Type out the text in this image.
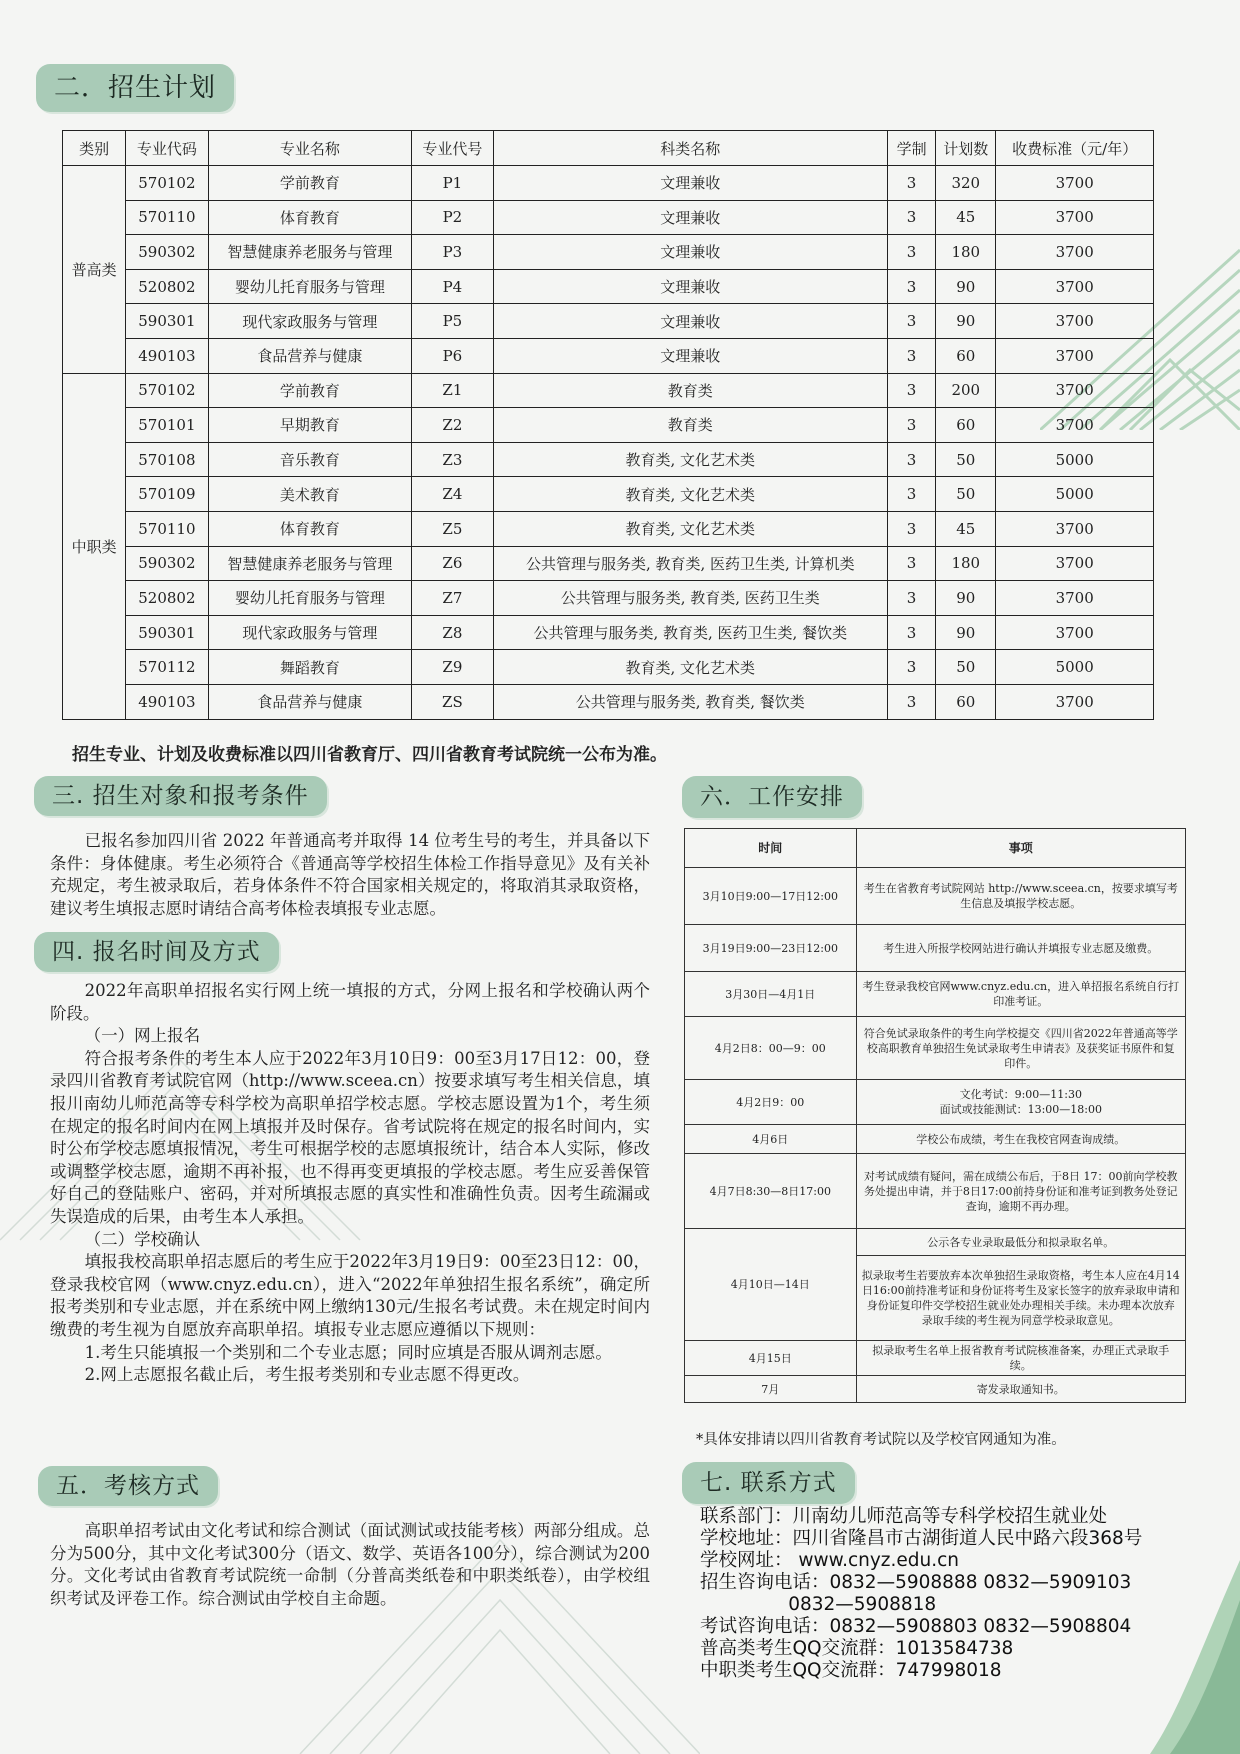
二．招生计划
类别	专业代码	专业名称	专业代号	科类名称	学制	计划数	收费标准（元/年）
普高类	570102	学前教育	P1	文理兼收	3	320	3700
	570110	体育教育	P2	文理兼收	3	45	3700
	590302	智慧健康养老服务与管理	P3	文理兼收	3	180	3700
	520802	婴幼儿托育服务与管理	P4	文理兼收	3	90	3700
	590301	现代家政服务与管理	P5	文理兼收	3	90	3700
	490103	食品营养与健康	P6	文理兼收	3	60	3700
中职类	570102	学前教育	Z1	教育类	3	200	3700
	570101	早期教育	Z2	教育类	3	60	3700
	570108	音乐教育	Z3	教育类, 文化艺术类	3	50	5000
	570109	美术教育	Z4	教育类, 文化艺术类	3	50	5000
	570110	体育教育	Z5	教育类, 文化艺术类	3	45	3700
	590302	智慧健康养老服务与管理	Z6	公共管理与服务类, 教育类, 医药卫生类, 计算机类	3	180	3700
	520802	婴幼儿托育服务与管理	Z7	公共管理与服务类, 教育类, 医药卫生类	3	90	3700
	590301	现代家政服务与管理	Z8	公共管理与服务类, 教育类, 医药卫生类, 餐饮类	3	90	3700
	570112	舞蹈教育	Z9	教育类, 文化艺术类	3	50	5000
	490103	食品营养与健康	ZS	公共管理与服务类, 教育类, 餐饮类	3	60	3700
招生专业、计划及收费标准以四川省教育厅、四川省教育考试院统一公布为准。
三. 招生对象和报考条件

已报名参加四川省 2022 年普通高考并取得 14 位考生号的考生，并具备以下条件：身体健康。考生必须符合《普通高等学校招生体检工作指导意见》及有关补充规定，考生被录取后，若身体条件不符合国家相关规定的，将取消其录取资格，建议考生填报志愿时请结合高考体检表填报专业志愿。

四. 报名时间及方式

2022年高职单招报名实行网上统一填报的方式，分网上报名和学校确认两个阶段。

（一）网上报名

符合报考条件的考生本人应于2022年3月10日9：00至3月17日12：00，登录四川省教育考试院官网（http://www.sceea.cn）按要求填写考生相关信息，填报川南幼儿师范高等专科学校为高职单招学校志愿。学校志愿设置为1个，考生须在规定的报名时间内在网上填报并及时保存。省考试院将在规定的报名时间内，实时公布学校志愿填报情况，考生可根据学校的志愿填报统计，结合本人实际，修改或调整学校志愿，逾期不再补报，也不得再变更填报的学校志愿。考生应妥善保管好自己的登陆账户、密码，并对所填报志愿的真实性和准确性负责。因考生疏漏或失误造成的后果，由考生本人承担。

（二）学校确认

填报我校高职单招志愿后的考生应于2022年3月19日9：00至23日12：00，登录我校官网（www.cnyz.edu.cn），进入“2022年单独招生报名系统”，确定所报考类别和专业志愿，并在系统中网上缴纳130元/生报名考试费。未在规定时间内缴费的考生视为自愿放弃高职单招。填报专业志愿应遵循以下规则：

1.考生只能填报一个类别和二个专业志愿；同时应填是否服从调剂志愿。

2.网上志愿报名截止后，考生报考类别和专业志愿不得更改。

五．考核方式

高职单招考试由文化考试和综合测试（面试测试或技能考核）两部分组成。总分为500分，其中文化考试300分（语文、数学、英语各100分），综合测试为200分。文化考试由省教育考试院统一命制（分普高类纸卷和中职类纸卷），由学校组织考试及评卷工作。综合测试由学校自主命题。

六．工作安排
时间	事项
3月10日9:00—17日12:00	考生在省教育考试院网站 http://www.sceea.cn，按要求填写考生信息及填报学校志愿。
3月19日9:00—23日12:00	考生进入所报学校网站进行确认并填报专业志愿及缴费。
3月30日—4月1日	考生登录我校官网www.cnyz.edu.cn，进入单招报名系统自行打印准考证。
4月2日8：00—9：00	符合免试录取条件的考生向学校提交《四川省2022年普通高等学校高职教育单独招生免试录取考生申请表》及获奖证书原件和复印件。
4月2日9：00	文化考试：9:00—11:30
面试或技能测试：13:00—18:00
4月6日	学校公布成绩，考生在我校官网查询成绩。
4月7日8:30—8日17:00	对考试成绩有疑问，需在成绩公布后，于8日 17：00前向学校教务处提出申请，并于8日17:00前持身份证和准考证到教务处登记查询，逾期不再办理。
4月10日—14日	公示各专业录取最低分和拟录取名单。
	拟录取考生若要放弃本次单独招生录取资格，考生本人应在4月14日16:00前持准考证和身份证将考生及家长签字的放弃录取申请和身份证复印件交学校招生就业处办理相关手续。未办理本次放弃录取手续的考生视为同意学校录取意见。
4月15日	拟录取考生名单上报省教育考试院核准备案，办理正式录取手续。
7月	寄发录取通知书。
*具体安排请以四川省教育考试院以及学校官网通知为准。
七. 联系方式
联系部门：川南幼儿师范高等专科学校招生就业处
学校地址：四川省隆昌市古湖街道人民中路六段368号
学校网址： www.cnyz.edu.cn
招生咨询电话：0832—5908888 0832—5909103
0832—5908818
考试咨询电话：0832—5908803 0832—5908804
普高类考生QQ交流群：1013584738
中职类考生QQ交流群：747998018
